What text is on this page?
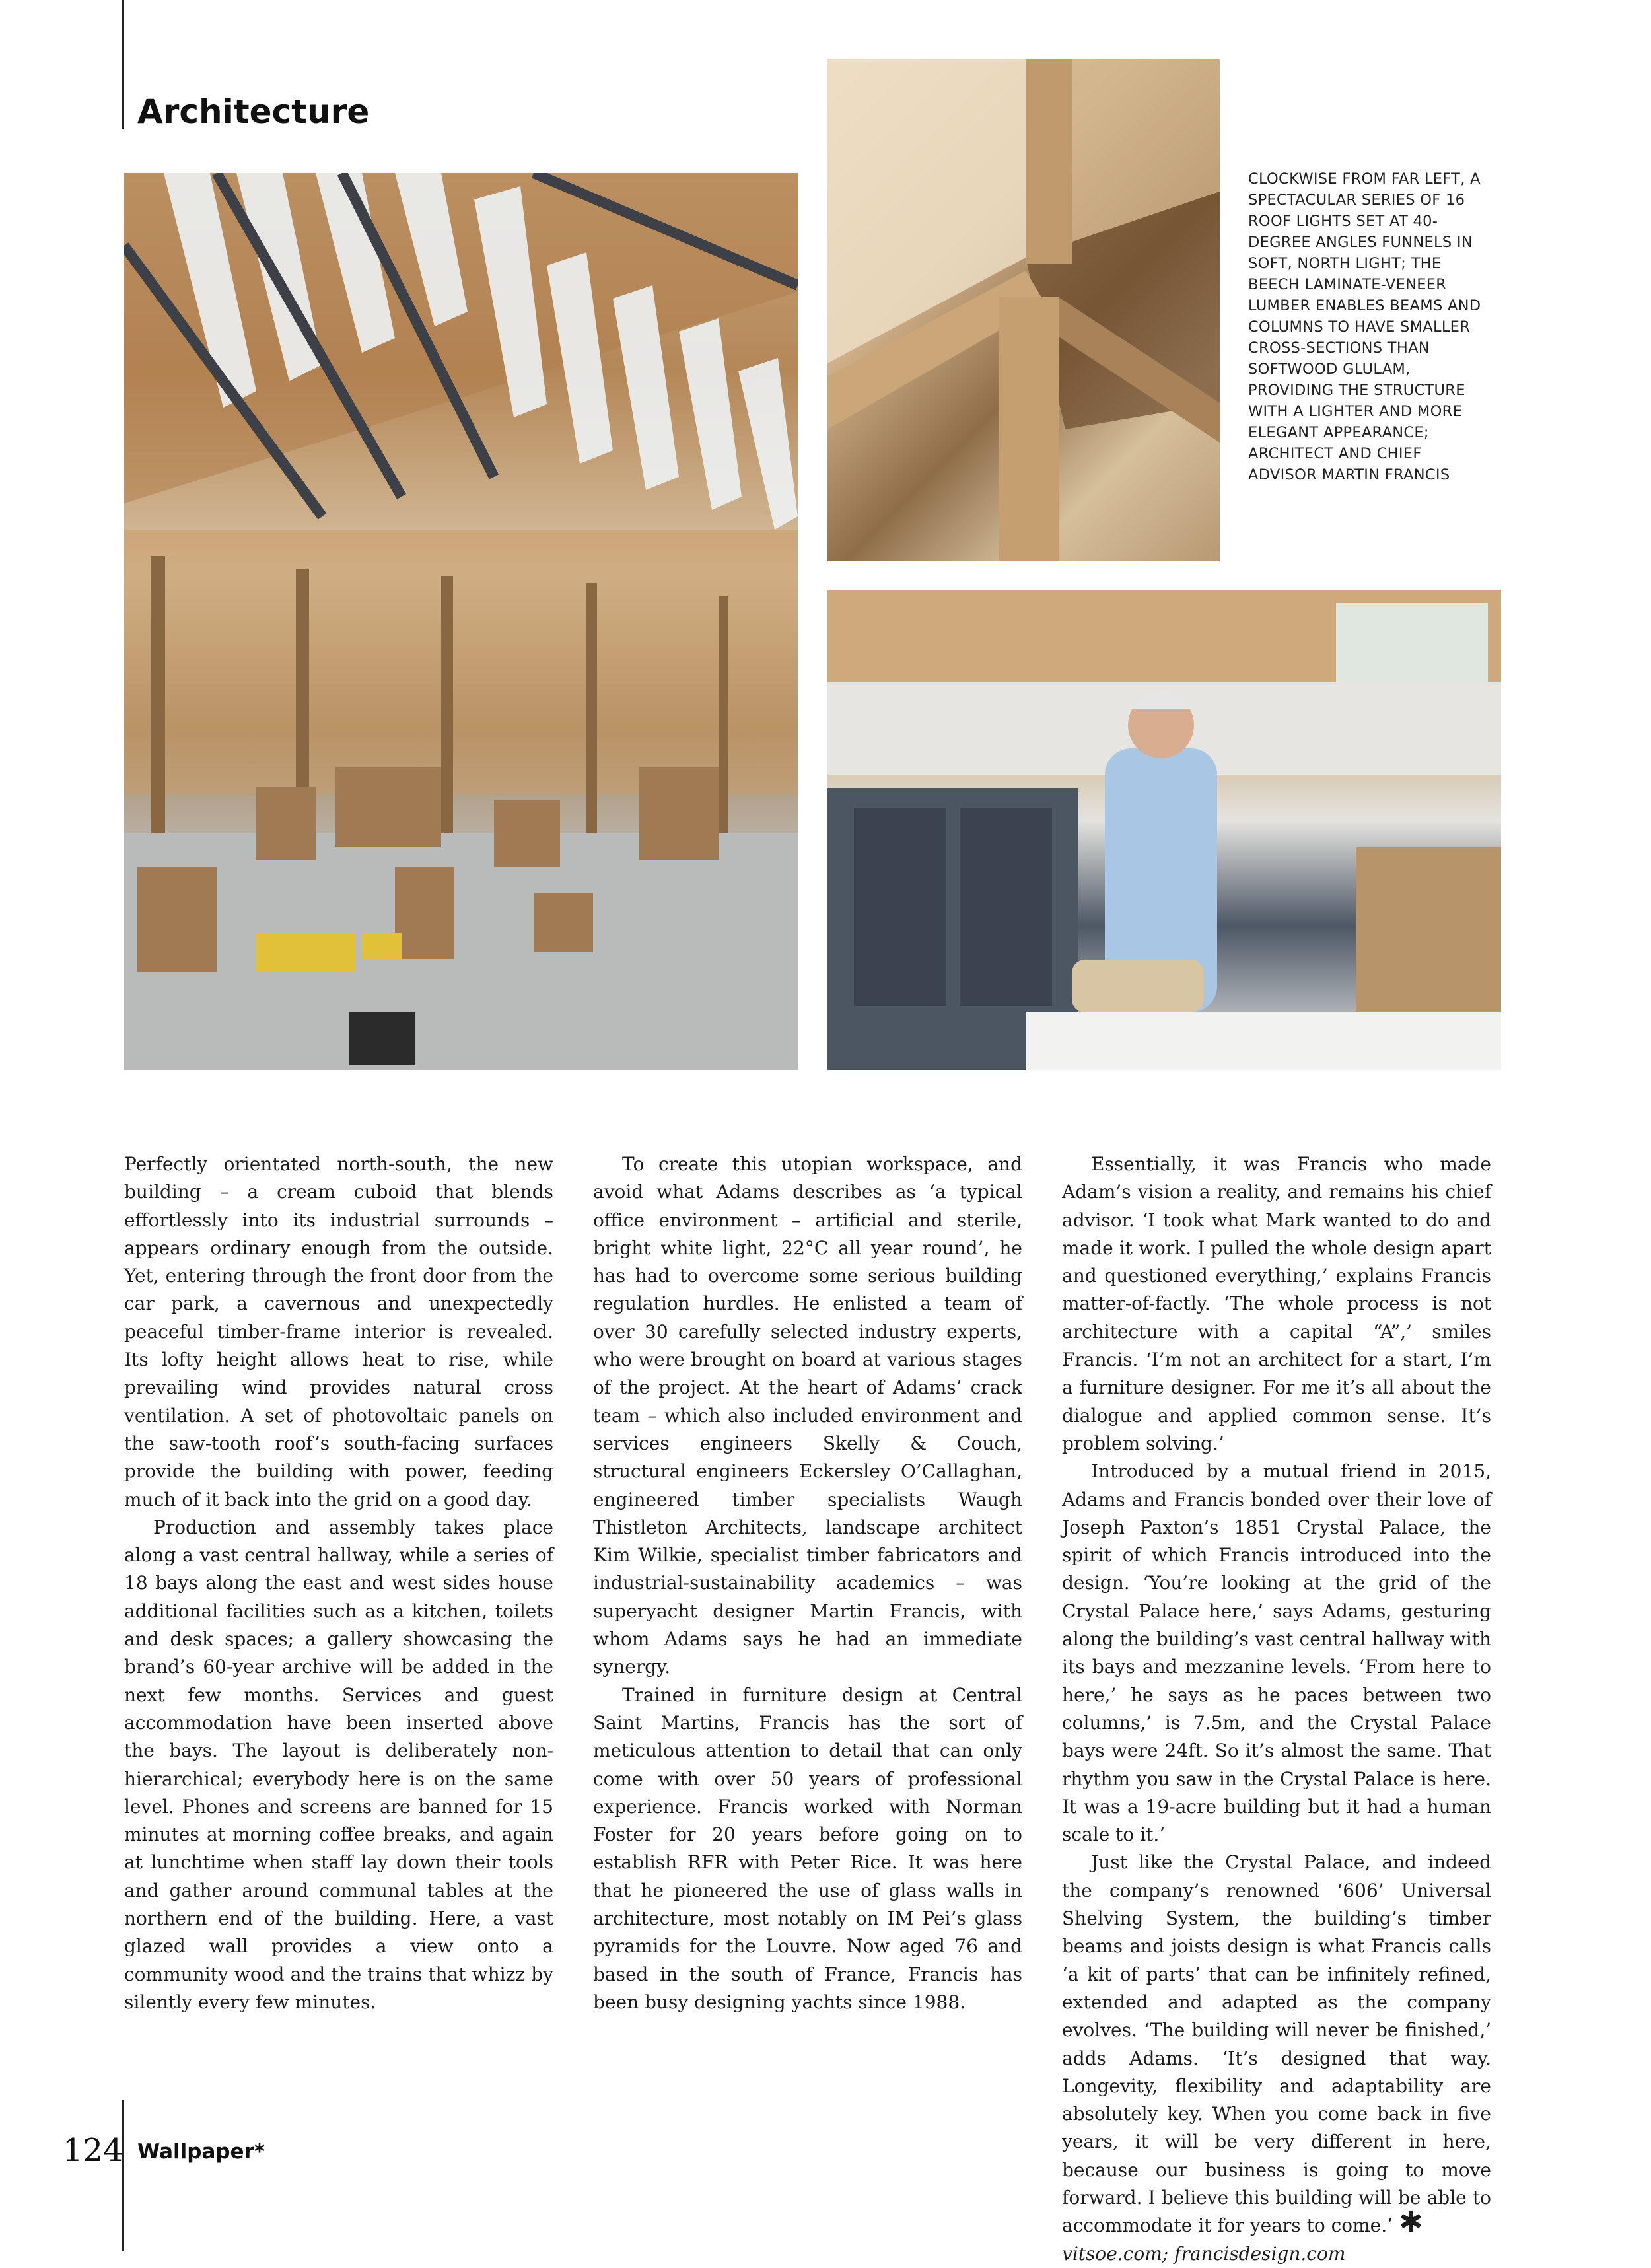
Architecture
CLOCKWISE FROM FAR LEFT, A SPECTACULAR SERIES OF 16 ROOF LIGHTS SET AT 40-DEGREE ANGLES FUNNELS IN SOFT, NORTH LIGHT; THE BEECH LAMINATE-VENEER LUMBER ENABLES BEAMS AND COLUMNS TO HAVE SMALLER CROSS-SECTIONS THAN SOFTWOOD GLULAM, PROVIDING THE STRUCTURE WITH A LIGHTER AND MORE ELEGANT APPEARANCE; ARCHITECT AND CHIEF ADVISOR MARTIN FRANCIS

Perfectly orientated north-south, the new building – a cream cuboid that blends effortlessly into its industrial surrounds – appears ordinary enough from the outside. Yet, entering through the front door from the car park, a cavernous and unexpectedly peaceful timber-frame interior is revealed. Its lofty height allows heat to rise, while prevailing wind provides natural cross ventilation. A set of photovoltaic panels on the saw-tooth roof’s south-facing surfaces provide the building with power, feeding much of it back into the grid on a good day.

Production and assembly takes place along a vast central hallway, while a series of 18 bays along the east and west sides house additional facilities such as a kitchen, toilets and desk spaces; a gallery showcasing the brand’s 60-year archive will be added in the next few months. Services and guest accommodation have been inserted above the bays. The layout is deliberately non-hierarchical; everybody here is on the same level. Phones and screens are banned for 15 minutes at morning coffee breaks, and again at lunchtime when staff lay down their tools and gather around communal tables at the northern end of the building. Here, a vast glazed wall provides a view onto a community wood and the trains that whizz by silently every few minutes.

To create this utopian workspace, and avoid what Adams describes as ‘a typical office environment – artificial and sterile, bright white light, 22°C all year round’, he has had to overcome some serious building regulation hurdles. He enlisted a team of over 30 carefully selected industry experts, who were brought on board at various stages of the project. At the heart of Adams’ crack team – which also included environment and services engineers Skelly & Couch, structural engineers Eckersley O’Callaghan, engineered timber specialists Waugh Thistleton Architects, landscape architect Kim Wilkie, specialist timber fabricators and industrial-sustainability academics – was superyacht designer Martin Francis, with whom Adams says he had an immediate synergy.

Trained in furniture design at Central Saint Martins, Francis has the sort of meticulous attention to detail that can only come with over 50 years of professional experience. Francis worked with Norman Foster for 20 years before going on to establish RFR with Peter Rice. It was here that he pioneered the use of glass walls in architecture, most notably on IM Pei’s glass pyramids for the Louvre. Now aged 76 and based in the south of France, Francis has been busy designing yachts since 1988.

Essentially, it was Francis who made Adam’s vision a reality, and remains his chief advisor. ‘I took what Mark wanted to do and made it work. I pulled the whole design apart and questioned everything,’ explains Francis matter-of-factly. ‘The whole process is not architecture with a capital “A”,’ smiles Francis. ‘I’m not an architect for a start, I’m a furniture designer. For me it’s all about the dialogue and applied common sense. It’s problem solving.’

Introduced by a mutual friend in 2015, Adams and Francis bonded over their love of Joseph Paxton’s 1851 Crystal Palace, the spirit of which Francis introduced into the design. ‘You’re looking at the grid of the Crystal Palace here,’ says Adams, gesturing along the building’s vast central hallway with its bays and mezzanine levels. ‘From here to here,’ he says as he paces between two columns,’ is 7.5m, and the Crystal Palace bays were 24ft. So it’s almost the same. That rhythm you saw in the Crystal Palace is here. It was a 19-acre building but it had a human scale to it.’

Just like the Crystal Palace, and indeed the company’s renowned ‘606’ Universal Shelving System, the building’s timber beams and joists design is what Francis calls ‘a kit of parts’ that can be infinitely refined, extended and adapted as the company evolves. ‘The building will never be finished,’ adds Adams. ‘It’s designed that way. Longevity, flexibility and adaptability are absolutely key. When you come back in five years, it will be very different in here, because our business is going to move forward. I believe this building will be able to accommodate it for years to come.’ ✱

vitsoe.com; francisdesign.com

124 Wallpaper*
